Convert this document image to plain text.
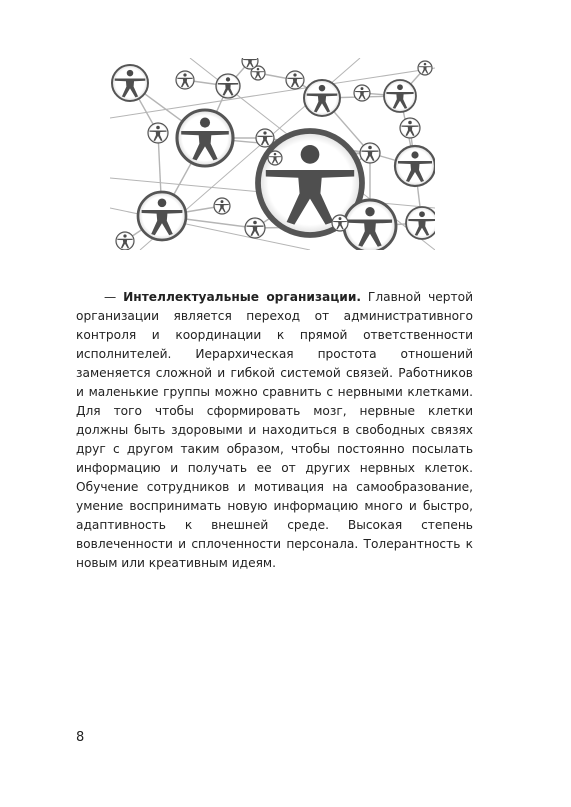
— Интеллектуальные организации. Главной чертой организации является переход от административного контроля и координации к прямой ответственности исполнителей. Иерархическая простота отношений заменяется сложной и гибкой системой связей. Работников и маленькие группы можно сравнить с нервными клетками. Для того чтобы сформировать мозг, нервные клетки должны быть здоровыми и находиться в свободных связях друг с другом таким образом, чтобы постоянно посылать информацию и получать ее от других нервных клеток. Обучение сотрудников и мотивация на самообразование, умение воспринимать новую информацию много и быстро, адаптивность к внешней среде. Высокая степень вовлеченности и сплоченности персонала. Толерантность к новым или креативным идеям.

8
